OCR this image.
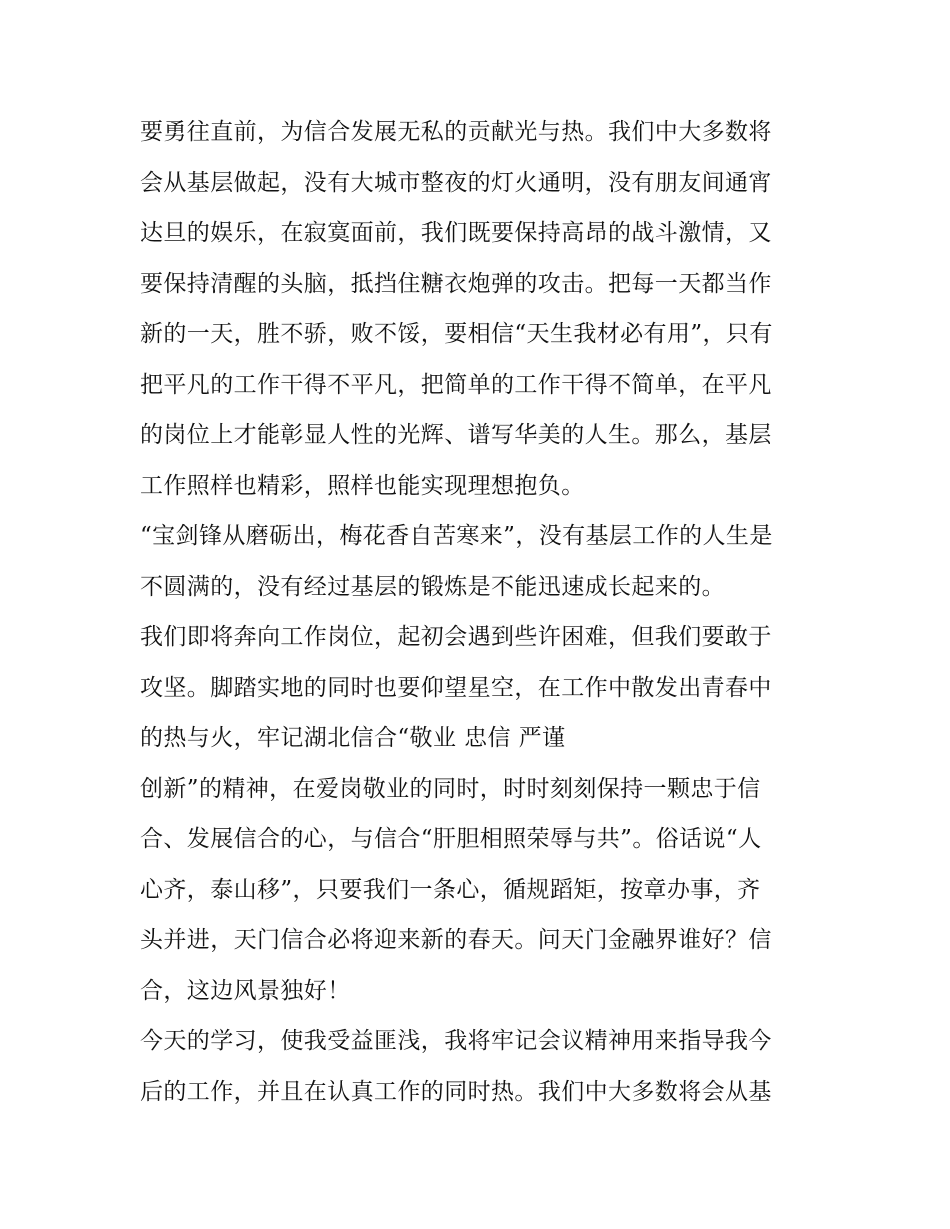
要勇往直前，为信合发展无私的贡献光与热。我们中大多数将
会从基层做起，没有大城市整夜的灯火通明，没有朋友间通宵
达旦的娱乐，在寂寞面前，我们既要保持高昂的战斗激情，又
要保持清醒的头脑，抵挡住糖衣炮弹的攻击。把每一天都当作
新的一天，胜不骄，败不馁，要相信“天生我材必有用”，只有
把平凡的工作干得不平凡，把简单的工作干得不简单，在平凡
的岗位上才能彰显人性的光辉、谱写华美的人生。那么，基层
工作照样也精彩，照样也能实现理想抱负。
“宝剑锋从磨砺出，梅花香自苦寒来”，没有基层工作的人生是
不圆满的，没有经过基层的锻炼是不能迅速成长起来的。
我们即将奔向工作岗位，起初会遇到些许困难，但我们要敢于
攻坚。脚踏实地的同时也要仰望星空，在工作中散发出青春中
的热与火，牢记湖北信合“敬业 忠信 严谨
创新”的精神，在爱岗敬业的同时，时时刻刻保持一颗忠于信
合、发展信合的心，与信合“肝胆相照荣辱与共”。俗话说“人
心齐，泰山移”，只要我们一条心，循规蹈矩，按章办事，齐
头并进，天门信合必将迎来新的春天。问天门金融界谁好？信
合，这边风景独好！
今天的学习，使我受益匪浅，我将牢记会议精神用来指导我今
后的工作，并且在认真工作的同时热。我们中大多数将会从基
